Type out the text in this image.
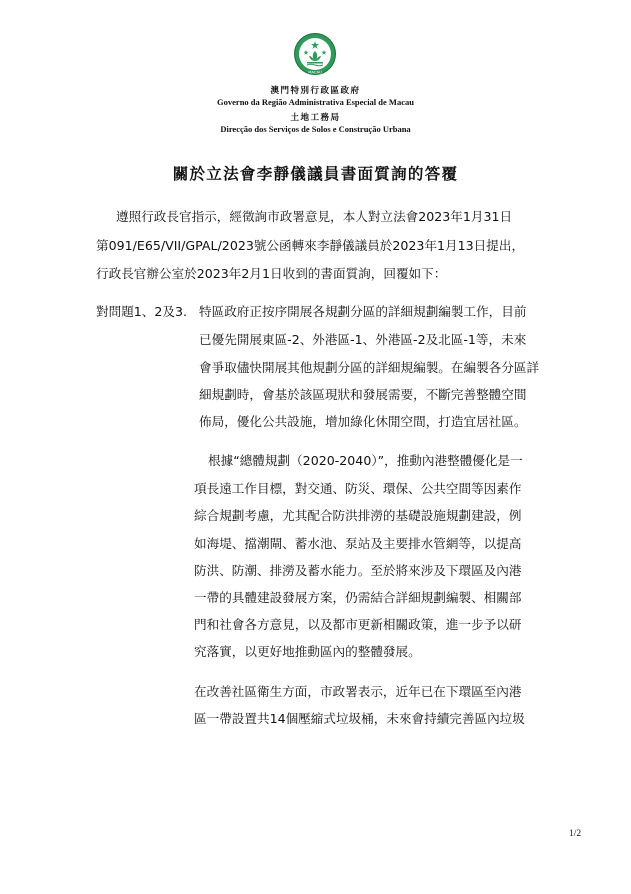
MACAU
澳門特別行政區政府
Governo da Região Administrativa Especial de Macau
土地工務局
Direcção dos Serviços de Solos e Construção Urbana
關於立法會李靜儀議員書面質詢的答覆
遵照行政長官指示，經徵詢市政署意見，本人對立法會2023年1月31日
第091/E65/VII/GPAL/2023號公函轉來李靜儀議員於2023年1月13日提出，
行政長官辦公室於2023年2月1日收到的書面質詢，回覆如下：
對問題1、2及3. 特區政府正按序開展各規劃分區的詳細規劃編製工作，目前
已優先開展東區-2、外港區-1、外港區-2及北區-1等，未來
會爭取儘快開展其他規劃分區的詳細規編製。在編製各分區詳
細規劃時，會基於該區現狀和發展需要，不斷完善整體空間
佈局，優化公共設施，增加綠化休閒空間，打造宜居社區。
根據“總體規劃（2020-2040）”，推動內港整體優化是一
項長遠工作目標，對交通、防災、環保、公共空間等因素作
綜合規劃考慮，尤其配合防洪排澇的基礎設施規劃建設，例
如海堤、擋潮閘、蓄水池、泵站及主要排水管網等，以提高
防洪、防潮、排澇及蓄水能力。至於將來涉及下環區及內港
一帶的具體建設發展方案，仍需結合詳細規劃編製、相關部
門和社會各方意見，以及都市更新相關政策，進一步予以研
究落實，以更好地推動區內的整體發展。
在改善社區衛生方面，市政署表示，近年已在下環區至內港
區一帶設置共14個壓縮式垃圾桶，未來會持續完善區內垃圾
1/2
